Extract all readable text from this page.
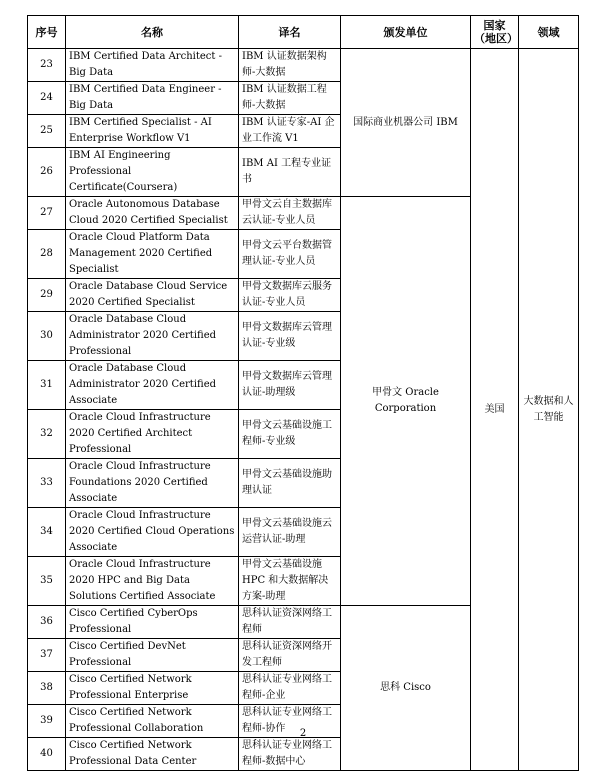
序号	名称	译名	颁发单位	国家（地区）	领域
23	IBM Certified Data Architect - Big Data	IBM 认证数据架构师-大数据	国际商业机器公司 IBM	美国	大数据和人工智能
24	IBM Certified Data Engineer - Big Data	IBM 认证数据工程师-大数据			
25	IBM Certified Specialist - AI Enterprise Workflow V1	IBM 认证专家-AI 企业工作流 V1			
26	IBM AI Engineering Professional Certificate(Coursera)	IBM AI 工程专业证书			
27	Oracle Autonomous Database Cloud 2020 Certified Specialist	甲骨文云自主数据库云认证-专业人员	甲骨文 Oracle Corporation		
28	Oracle Cloud Platform Data Management 2020 Certified Specialist	甲骨文云平台数据管理认证-专业人员			
29	Oracle Database Cloud Service 2020 Certified Specialist	甲骨文数据库云服务认证-专业人员			
30	Oracle Database Cloud Administrator 2020 Certified Professional	甲骨文数据库云管理认证-专业级			
31	Oracle Database Cloud Administrator 2020 Certified Associate	甲骨文数据库云管理认证-助理级			
32	Oracle Cloud Infrastructure 2020 Certified Architect Professional	甲骨文云基础设施工程师-专业级			
33	Oracle Cloud Infrastructure Foundations 2020 Certified Associate	甲骨文云基础设施助理认证			
34	Oracle Cloud Infrastructure 2020 Certified Cloud Operations Associate	甲骨文云基础设施云运营认证-助理			
35	Oracle Cloud Infrastructure 2020 HPC and Big Data Solutions Certified Associate	甲骨文云基础设施 HPC 和大数据解决方案-助理			
36	Cisco Certified CyberOps Professional	思科认证资深网络工程师	思科 Cisco		
37	Cisco Certified DevNet Professional	思科认证资深网络开发工程师			
38	Cisco Certified Network Professional Enterprise	思科认证专业网络工程师-企业			
39	Cisco Certified Network Professional Collaboration	思科认证专业网络工程师-协作			
40	Cisco Certified Network Professional Data Center	思科认证专业网络工程师-数据中心			
2
